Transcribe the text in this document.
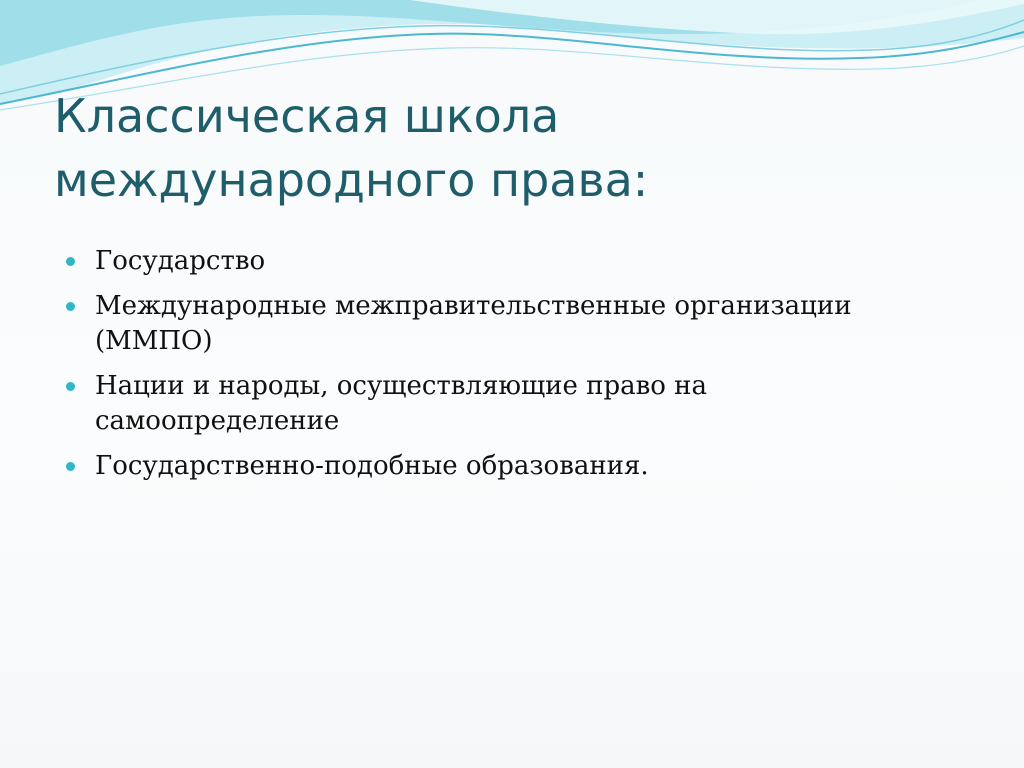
Классическая школа
международного права:
Государство
Международные межправительственные организации (ММПО)
Нации и народы, осуществляющие право на самоопределение
Государственно-подобные образования.
